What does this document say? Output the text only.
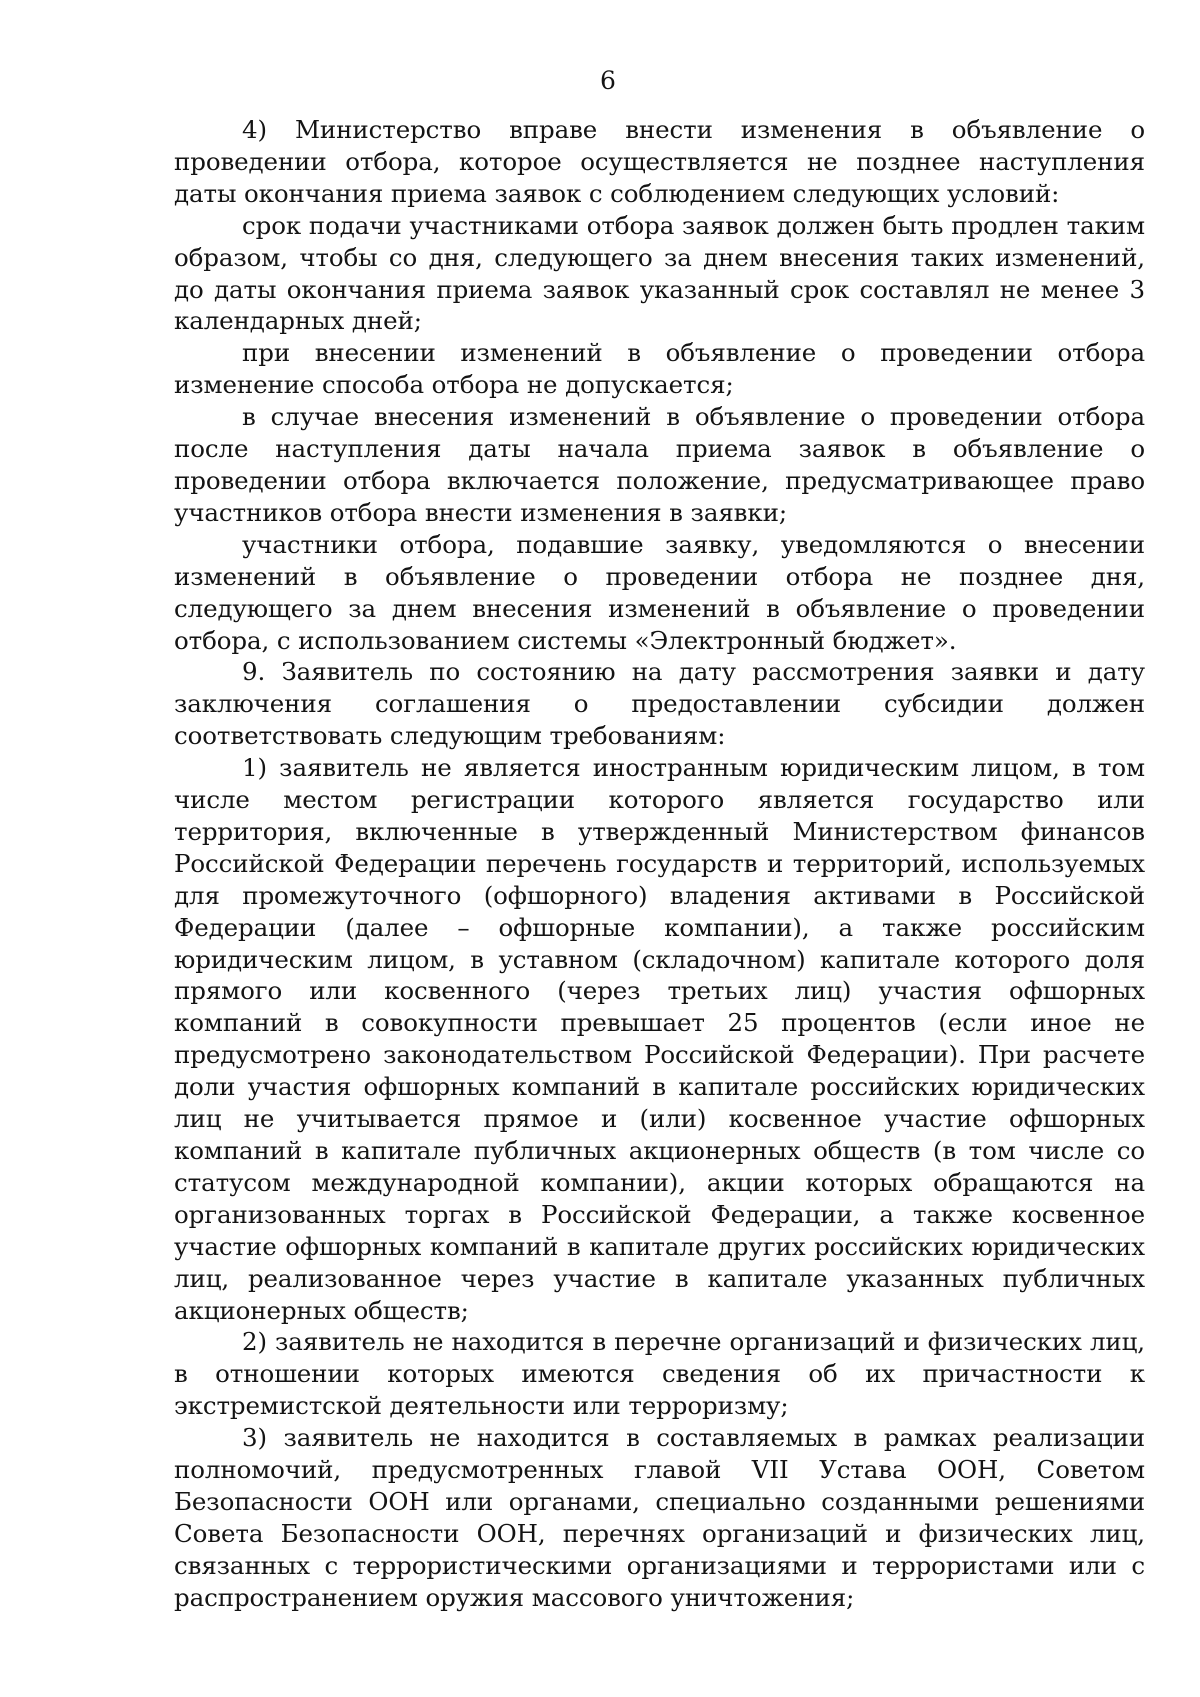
6

4) Министерство вправе внести изменения в объявление о проведении отбора, которое осуществляется не позднее наступления даты окончания приема заявок с соблюдением следующих условий:

срок подачи участниками отбора заявок должен быть продлен таким образом, чтобы со дня, следующего за днем внесения таких изменений, до даты окончания приема заявок указанный срок составлял не менее 3 календарных дней;

при внесении изменений в объявление о проведении отбора изменение способа отбора не допускается;

в случае внесения изменений в объявление о проведении отбора после наступления даты начала приема заявок в объявление о проведении отбора включается положение, предусматривающее право участников отбора внести изменения в заявки;

участники отбора, подавшие заявку, уведомляются о внесении изменений в объявление о проведении отбора не позднее дня, следующего за днем внесения изменений в объявление о проведении отбора, с использованием системы «Электронный бюджет».

9. Заявитель по состоянию на дату рассмотрения заявки и дату заключения соглашения о предоставлении субсидии должен соответствовать следующим требованиям:

1) заявитель не является иностранным юридическим лицом, в том числе местом регистрации которого является государство или территория, включенные в утвержденный Министерством финансов Российской Федерации перечень государств и территорий, используемых для промежуточного (офшорного) владения активами в Российской Федерации (далее – офшорные компании), а также российским юридическим лицом, в уставном (складочном) капитале которого доля прямого или косвенного (через третьих лиц) участия офшорных компаний в совокупности превышает 25 процентов (если иное не предусмотрено законодательством Российской Федерации). При расчете доли участия офшорных компаний в капитале российских юридических лиц не учитывается прямое и (или) косвенное участие офшорных компаний в капитале публичных акционерных обществ (в том числе со статусом международной компании), акции которых обращаются на организованных торгах в Российской Федерации, а также косвенное участие офшорных компаний в капитале других российских юридических лиц, реализованное через участие в капитале указанных публичных акционерных обществ;

2) заявитель не находится в перечне организаций и физических лиц, в отношении которых имеются сведения об их причастности к экстремистской деятельности или терроризму;

3) заявитель не находится в составляемых в рамках реализации полномочий, предусмотренных главой VII Устава ООН, Советом Безопасности ООН или органами, специально созданными решениями Совета Безопасности ООН, перечнях организаций и физических лиц, связанных с террористическими организациями и террористами или с распространением оружия массового уничтожения;
